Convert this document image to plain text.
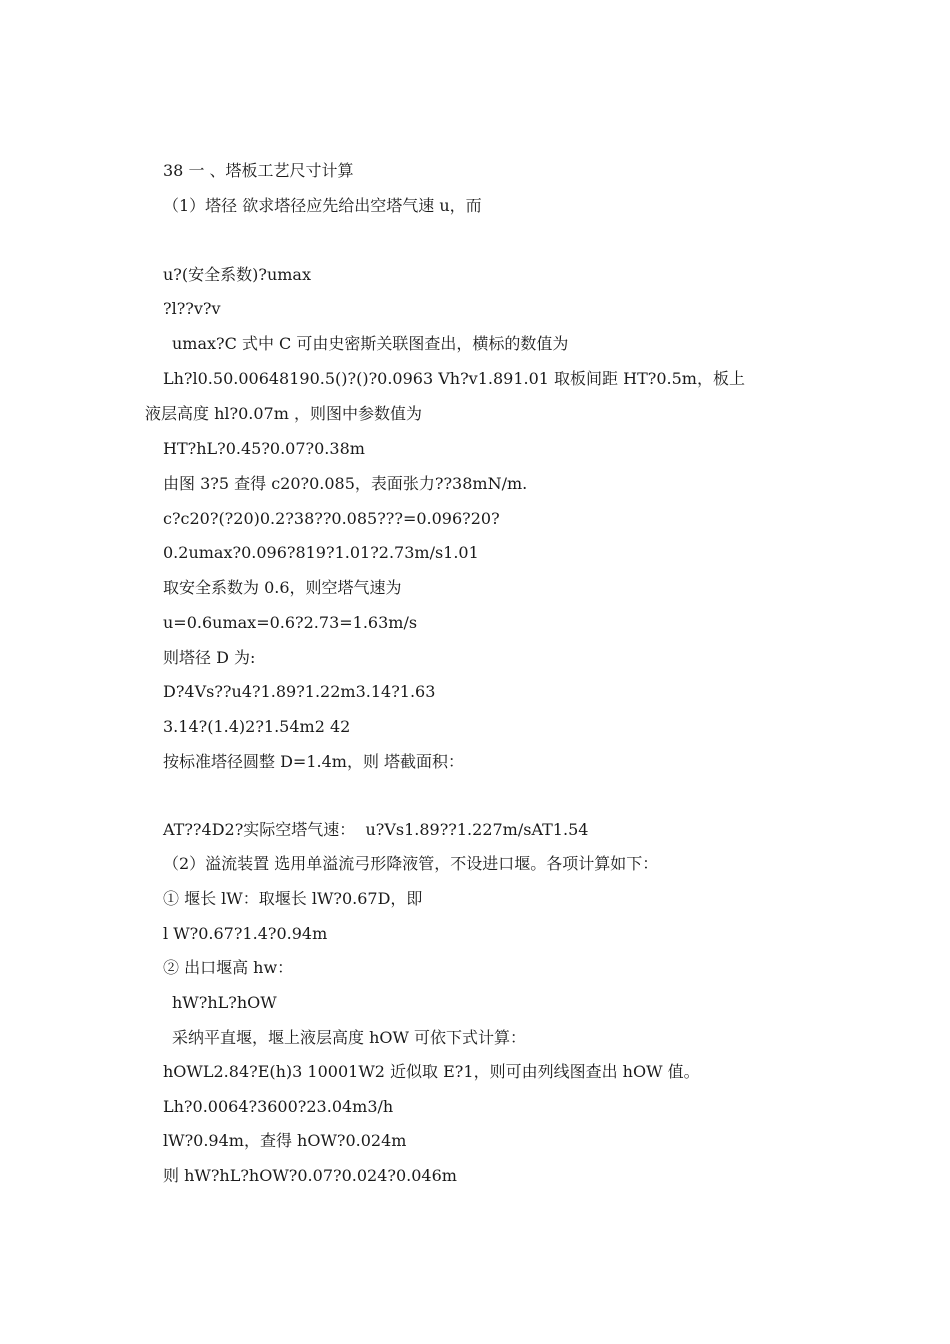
38 一 、塔板工艺尺寸计算
（1）塔径 欲求塔径应先给出空塔气速 u，而
u?(安全系数)?umax
?l??v?v
umax?C 式中 C 可由史密斯关联图查出，横标的数值为
Lh?l0.50.00648190.5()?()?0.0963 Vh?v1.891.01 取板间距 HT?0.5m，板上
液层高度 hl?0.07m ，则图中参数值为
HT?hL?0.45?0.07?0.38m
由图 3?5 查得 c20?0.085，表面张力??38mN/m.
c?c20?(?20)0.2?38??0.085???=0.096?20?
0.2umax?0.096?819?1.01?2.73m/s1.01
取安全系数为 0.6，则空塔气速为
u=0.6umax=0.6?2.73=1.63m/s
则塔径 D 为:
D?4Vs??u4?1.89?1.22m3.14?1.63
3.14?(1.4)2?1.54m2 42
按标准塔径圆整 D=1.4m，则 塔截面积：
AT??4D2?实际空塔气速：  u?Vs1.89??1.227m/sAT1.54
（2）溢流装置 选用单溢流弓形降液管，不设进口堰。各项计算如下：
① 堰长 lW：取堰长 lW?0.67D，即
l W?0.67?1.4?0.94m
② 出口堰高 hw：
hW?hL?hOW
采纳平直堰，堰上液层高度 hOW 可依下式计算：
hOWL2.84?E(h)3 10001W2 近似取 E?1，则可由列线图查出 hOW 值。
Lh?0.0064?3600?23.04m3/h
lW?0.94m，查得 hOW?0.024m
则 hW?hL?hOW?0.07?0.024?0.046m
